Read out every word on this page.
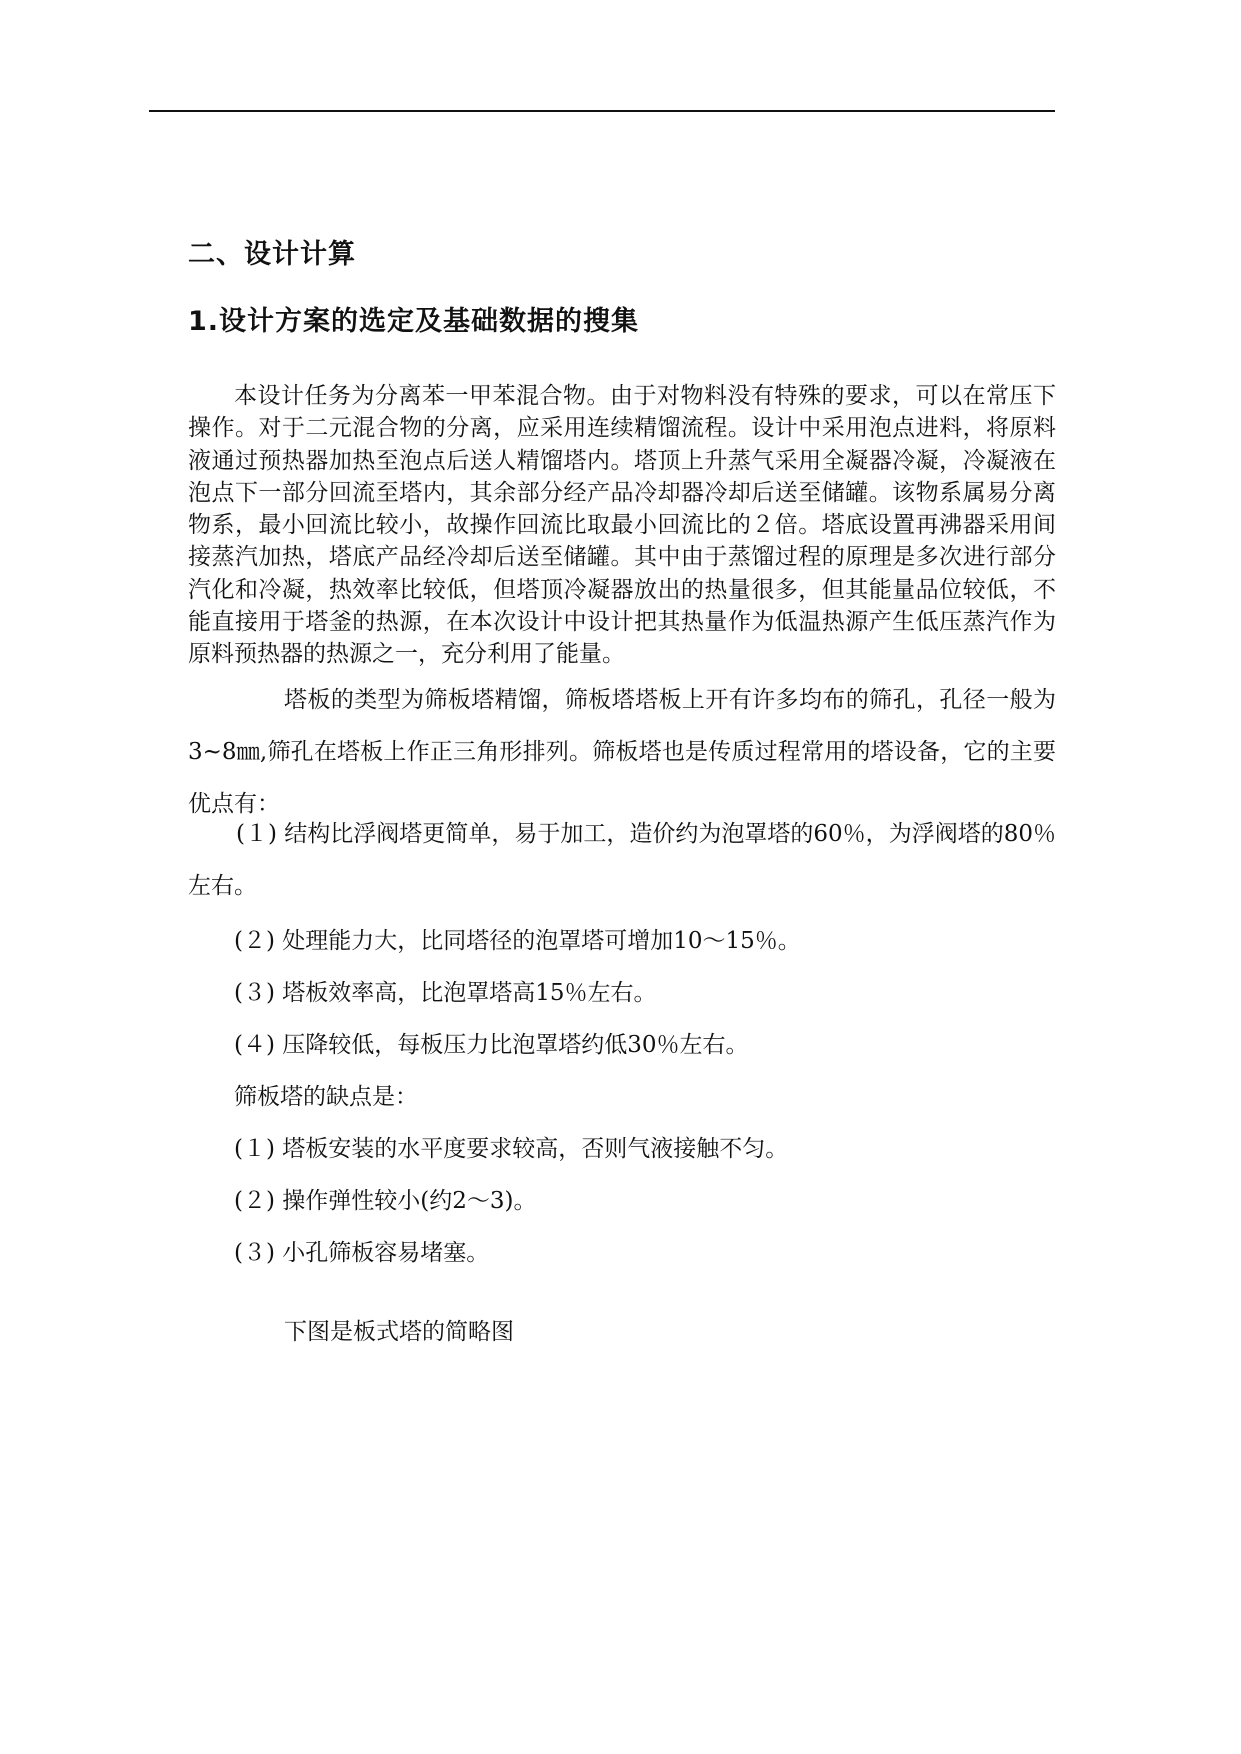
二、设计计算
1.设计方案的选定及基础数据的搜集

本设计任务为分离苯一甲苯混合物。由于对物料没有特殊的要求，可以在常压下操作。对于二元混合物的分离，应采用连续精馏流程。设计中采用泡点进料，将原料液通过预热器加热至泡点后送人精馏塔内。塔顶上升蒸气采用全凝器冷凝，冷凝液在泡点下一部分回流至塔内，其余部分经产品冷却器冷却后送至储罐。该物系属易分离物系，最小回流比较小，故操作回流比取最小回流比的２倍。塔底设置再沸器采用间接蒸汽加热，塔底产品经冷却后送至储罐。其中由于蒸馏过程的原理是多次进行部分汽化和冷凝，热效率比较低，但塔顶冷凝器放出的热量很多，但其能量品位较低，不能直接用于塔釜的热源，在本次设计中设计把其热量作为低温热源产生低压蒸汽作为原料预热器的热源之一，充分利用了能量。

塔板的类型为筛板塔精馏，筛板塔塔板上开有许多均布的筛孔，孔径一般为3~8㎜,筛孔在塔板上作正三角形排列。筛板塔也是传质过程常用的塔设备，它的主要优点有：

(１) 结构比浮阀塔更简单，易于加工，造价约为泡罩塔的60％，为浮阀塔的80％左右。

(２) 处理能力大，比同塔径的泡罩塔可增加10～15％。

(３) 塔板效率高，比泡罩塔高15％左右。

(４) 压降较低，每板压力比泡罩塔约低30％左右。

筛板塔的缺点是：

(１) 塔板安装的水平度要求较高，否则气液接触不匀。

(２) 操作弹性较小(约2～3)。

(３) 小孔筛板容易堵塞。

下图是板式塔的简略图
